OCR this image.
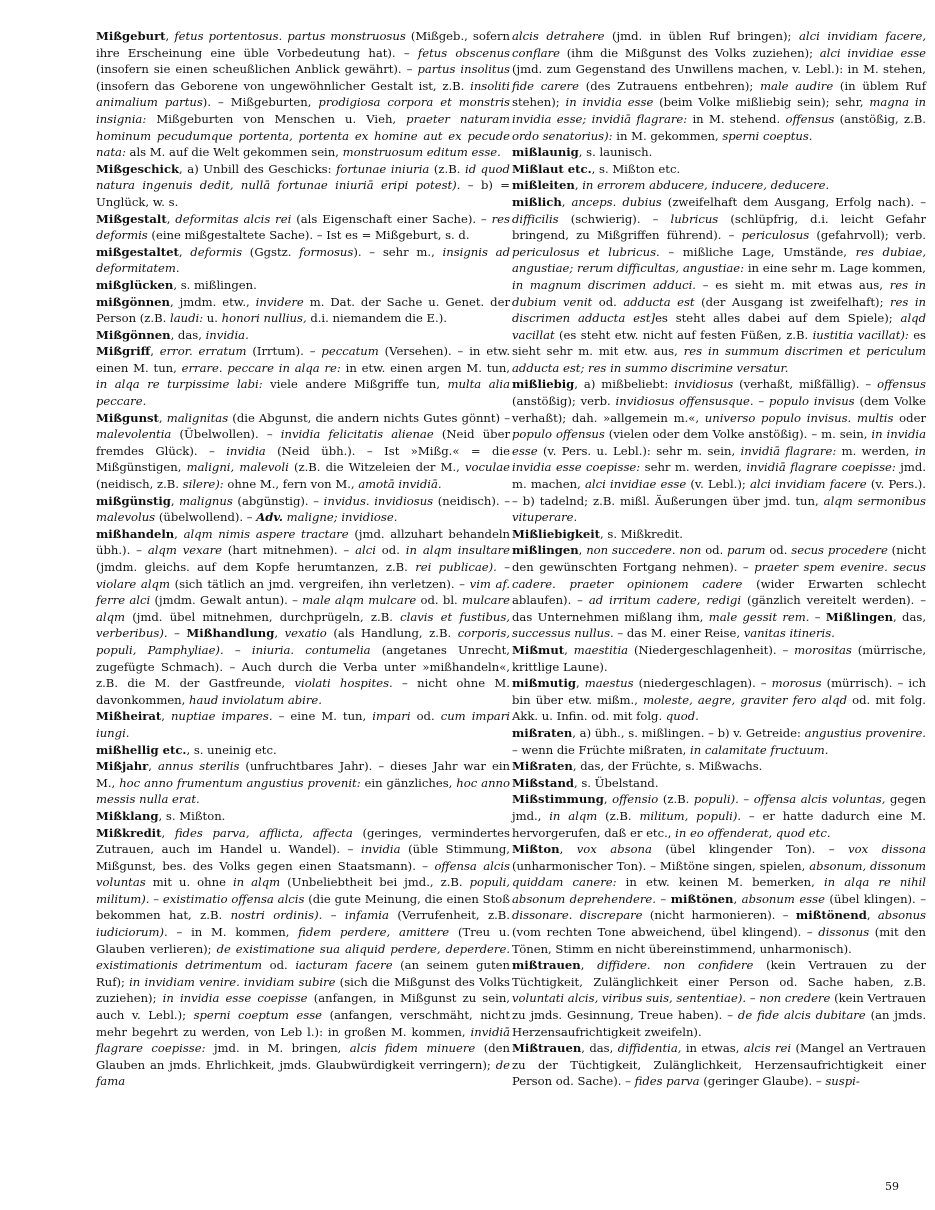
Mißgeburt, fetus portentosus. partus monstruosus (Mißgeb., sofern ihre Erscheinung eine üble Vorbedeutung hat). – fetus obscenus (insofern sie einen scheußlichen Anblick gewährt). – partus insolitus (insofern das Geborene von ungewöhnlicher Gestalt ist, z.B. insoliti animalium partus). – Mißgeburten, prodigiosa corpora et monstris insignia: Mißgeburten von Menschen u. Vieh, praeter naturam hominum pecudumque portenta, portenta ex homine aut ex pecude nata: als M. auf die Welt gekommen sein, monstruosum editum esse.

Mißgeschick, a) Unbill des Geschicks: fortunae iniuria (z.B. id quod natura ingenuis dedit, nullā fortunae iniuriā eripi potest). – b) = Unglück, w. s.

Mißgestalt, deformitas alcis rei (als Eigenschaft einer Sache). – res deformis (eine mißgestaltete Sache). – Ist es = Mißgeburt, s. d.

mißgestaltet, deformis (Ggstz. formosus). – sehr m., insignis ad deformitatem.

mißglücken, s. mißlingen.

mißgönnen, jmdm. etw., invidere m. Dat. der Sache u. Genet. der Person (z.B. laudi: u. honori nullius, d.i. niemandem die E.).

Mißgönnen, das, invidia.

Mißgriff, error. erratum (Irrtum). – peccatum (Versehen). – in etw. einen M. tun, errare. peccare in alqa re: in etw. einen argen M. tun, in alqa re turpissime labi: viele andere Mißgriffe tun, multa alia peccare.

Mißgunst, malignitas (die Abgunst, die andern nichts Gutes gönnt) – malevolentia (Übelwollen). – invidia felicitatis alienae (Neid über fremdes Glück). – invidia (Neid übh.). – Ist »Mißg.« = die Mißgünstigen, maligni, malevoli (z.B. die Witzeleien der M., voculae (neidisch, z.B. silere): ohne M., fern von M., amotā invidiā.

mißgünstig, malignus (abgünstig). – invidus. invidiosus (neidisch). – malevolus (übelwollend). – Adv. maligne; invidiose.

mißhandeln, alqm nimis aspere tractare (jmd. allzuhart behandeln übh.). – alqm vexare (hart mitnehmen). – alci od. in alqm insultare (jmdm. gleichs. auf dem Kopfe herumtanzen, z.B. rei publicae). – violare alqm (sich tätlich an jmd. vergreifen, ihn verletzen). – vim af. ferre alci (jmdm. Gewalt antun). – male alqm mulcare od. bl. mulcare alqm (jmd. übel mitnehmen, durchprügeln, z.B. clavis et fustibus, verberibus). – Mißhandlung, vexatio (als Handlung, z.B. corporis, populi, Pamphyliae). – iniuria. contumelia (angetanes Unrecht, zugefügte Schmach). – Auch durch die Verba unter »mißhandeln«, z.B. die M. der Gastfreunde, violati hospites. – nicht ohne M. davonkommen, haud inviolatum abire.

Mißheirat, nuptiae impares. – eine M. tun, impari od. cum impari iungi.

mißhellig etc., s. uneinig etc.

Mißjahr, annus sterilis (unfruchtbares Jahr). – dieses Jahr war ein M., hoc anno frumentum angustius provenit: ein gänzliches, hoc anno messis nulla erat.

Mißklang, s. Mißton.

Mißkredit, fides parva, afflicta, affecta (geringes, vermindertes Zutrauen, auch im Handel u. Wandel). – invidia (üble Stimmung, Mißgunst, bes. des Volks gegen einen Staatsmann). – offensa alcis voluntas mit u. ohne in alqm (Unbeliebtheit bei jmd., z.B. populi, militum). – existimatio offensa alcis (die gute Meinung, die einen Stoß bekommen hat, z.B. nostri ordinis). – infamia (Verrufenheit, z.B. iudiciorum). – in M. kommen, fidem perdere, amittere (Treu u. Glauben verlieren); de existimatione sua aliquid perdere, deperdere. existimationis detrimentum od. iacturam facere (an seinem guten Ruf); in invidiam venire. invidiam subire (sich die Mißgunst des Volks zuziehen); in invidia esse coepisse (anfangen, in Mißgunst zu sein, auch v. Lebl.); sperni coeptum esse (anfangen, verschmäht, nicht mehr begehrt zu werden, von Leb l.): in großen M. kommen, invidiā flagrare coepisse: jmd. in M. bringen, alcis fidem minuere (den Glauben an jmds. Ehrlichkeit, jmds. Glaubwürdigkeit verringern); de fama

alcis detrahere (jmd. in üblen Ruf bringen); alci invidiam facere, conflare (ihm die Mißgunst des Volks zuziehen); alci invidiae esse (jmd. zum Gegenstand des Unwillens machen, v. Lebl.): in M. stehen, fide carere (des Zutrauens entbehren); male audire (in üblem Ruf stehen); in invidia esse (beim Volke mißliebig sein); sehr, magna in invidia esse; invidiā flagrare: in M. stehend. offensus (anstößig, z.B. ordo senatorius): in M. gekommen, sperni coeptus.

mißlaunig, s. launisch.

Mißlaut etc., s. Mißton etc.

mißleiten, in errorem abducere, inducere, deducere.

mißlich, anceps. dubius (zweifelhaft dem Ausgang, Erfolg nach). – difficilis (schwierig). – lubricus (schlüpfrig, d.i. leicht Gefahr bringend, zu Mißgriffen führend). – periculosus (gefahrvoll); verb. periculosus et lubricus. – mißliche Lage, Umstände, res dubiae, angustiae; rerum difficultas, angustiae: in eine sehr m. Lage kommen, in magnum discrimen adduci. – es sieht m. mit etwas aus, res in dubium venit od. adducta est (der Ausgang ist zweifelhaft); res in discrimen adducta est]es steht alles dabei auf dem Spiele); alqd vacillat (es steht etw. nicht auf festen Füßen, z.B. iustitia vacillat): es sieht sehr m. mit etw. aus, res in summum discrimen et periculum adducta est; res in summo discrimine versatur.

mißliebig, a) mißbeliebt: invidiosus (verhaßt, mißfällig). – offensus (anstößig); verb. invidiosus offensusque. – populo invisus (dem Volke verhaßt); dah. »allgemein m.«, universo populo invisus. multis oder populo offensus (vielen oder dem Volke anstößig). – m. sein, in invidia esse (v. Pers. u. Lebl.): sehr m. sein, invidiā flagrare: m. werden, in invidia esse coepisse: sehr m. werden, invidiā flagrare coepisse: jmd. m. machen, alci invidiae esse (v. Lebl.); alci invidiam facere (v. Pers.). – b) tadelnd; z.B. mißl. Äußerungen über jmd. tun, alqm sermonibus vituperare.

Mißliebigkeit, s. Mißkredit.

mißlingen, non succedere. non od. parum od. secus procedere (nicht den gewünschten Fortgang nehmen). – praeter spem evenire. secus cadere. praeter opinionem cadere (wider Erwarten schlecht ablaufen). – ad irritum cadere, redigi (gänzlich vereitelt werden). – das Unternehmen mißlang ihm, male gessit rem. – Mißlingen, das, successus nullus. – das M. einer Reise, vanitas itineris.

Mißmut, maestitia (Niedergeschlagenheit). – morositas (mürrische, krittlige Laune).

mißmutig, maestus (niedergeschlagen). – morosus (mürrisch). – ich bin über etw. mißm., moleste, aegre, graviter fero alqd od. mit folg. Akk. u. Infin. od. mit folg. quod.

mißraten, a) übh., s. mißlingen. – b) v. Getreide: angustius provenire. – wenn die Früchte mißraten, in calamitate fructuum.

Mißraten, das, der Früchte, s. Mißwachs.

Mißstand, s. Übelstand.

Mißstimmung, offensio (z.B. populi). – offensa alcis voluntas, gegen jmd., in alqm (z.B. militum, populi). – er hatte dadurch eine M. hervorgerufen, daß er etc., in eo offenderat, quod etc.

Mißton, vox absona (übel klingender Ton). – vox dissona (unharmonischer Ton). – Mißtöne singen, spielen, absonum, dissonum quiddam canere: in etw. keinen M. bemerken, in alqa re nihil absonum deprehendere. – mißtönen, absonum esse (übel klingen). – dissonare. discrepare (nicht harmonieren). – mißtönend, absonus (vom rechten Tone abweichend, übel klingend). – dissonus (mit den Tönen, Stimm en nicht übereinstimmend, unharmonisch).

mißtrauen, diffidere. non confidere (kein Vertrauen zu der Tüchtigkeit, Zulänglichkeit einer Person od. Sache haben, z.B. voluntati alcis, viribus suis, sententiae). – non credere (kein Vertrauen zu jmds. Gesinnung, Treue haben). – de fide alcis dubitare (an jmds. Herzensaufrichtigkeit zweifeln).

Mißtrauen, das, diffidentia, in etwas, alcis rei (Mangel an Vertrauen zu der Tüchtigkeit, Zulänglichkeit, Herzensaufrichtigkeit einer Person od. Sache). – fides parva (geringer Glaube). – suspi-

59
